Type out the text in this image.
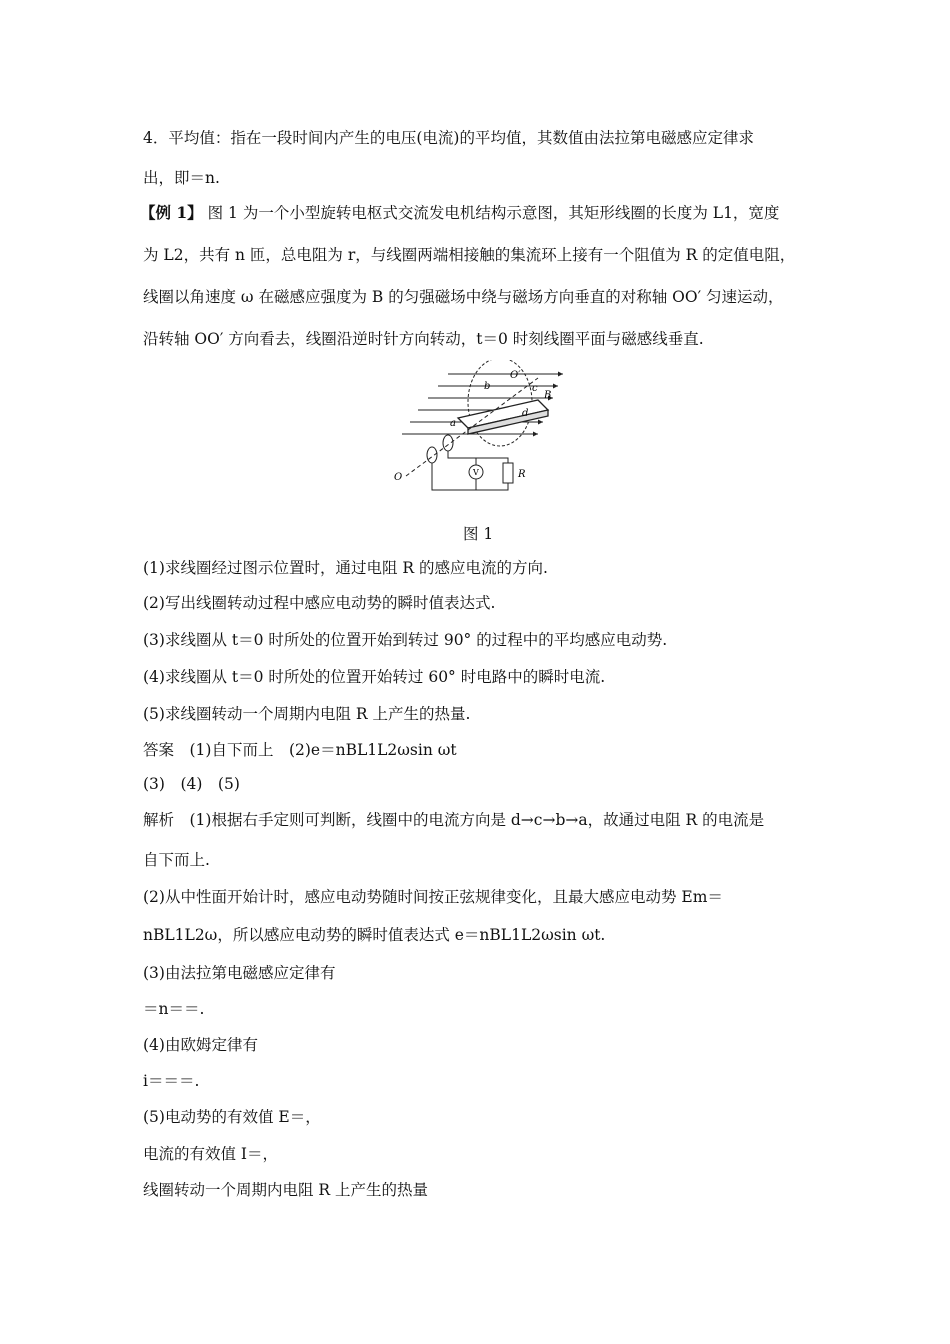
4．平均值：指在一段时间内产生的电压(电流)的平均值，其数值由法拉第电磁感应定律求
出，即＝n.
【例 1】 图 1 为一个小型旋转电枢式交流发电机结构示意图，其矩形线圈的长度为 L1，宽度
为 L2，共有 n 匝，总电阻为 r，与线圈两端相接触的集流环上接有一个阻值为 R 的定值电阻，
线圈以角速度 ω 在磁感应强度为 B 的匀强磁场中绕与磁场方向垂直的对称轴 OO′ 匀速运动，
沿转轴 OO′ 方向看去，线圈沿逆时针方向转动，t＝0 时刻线圈平面与磁感线垂直.
b
O′
c
B
a
d
O	V	R
图 1
(1)求线圈经过图示位置时，通过电阻 R 的感应电流的方向.
(2)写出线圈转动过程中感应电动势的瞬时值表达式.
(3)求线圈从 t＝0 时所处的位置开始到转过 90° 的过程中的平均感应电动势.
(4)求线圈从 t＝0 时所处的位置开始转过 60° 时电路中的瞬时电流.
(5)求线圈转动一个周期内电阻 R 上产生的热量.
答案　(1)自下而上　(2)e＝nBL1L2ωsin ωt
(3)　(4)　(5)
解析　(1)根据右手定则可判断，线圈中的电流方向是 d→c→b→a，故通过电阻 R 的电流是
自下而上.
(2)从中性面开始计时，感应电动势随时间按正弦规律变化，且最大感应电动势 Em＝
nBL1L2ω，所以感应电动势的瞬时值表达式 e＝nBL1L2ωsin ωt.
(3)由法拉第电磁感应定律有
＝n＝＝.
(4)由欧姆定律有
i＝＝＝.
(5)电动势的有效值 E＝，
电流的有效值 I＝，
线圈转动一个周期内电阻 R 上产生的热量
